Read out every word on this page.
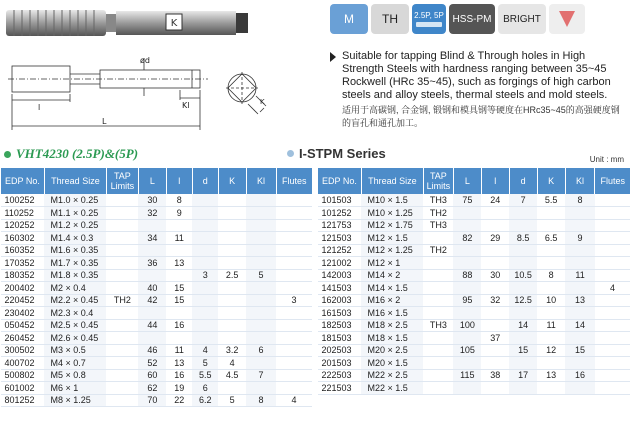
K
ød
l
L
Kl	K
M TH 2.5P, 5P HSS-PM BRIGHT

Suitable for tapping Blind & Through holes in High Strength Steels with hardness ranging between 35~45 Rockwell (HRc 35~45), such as forgings of high carbon steels and alloy steels, thermal steels and mold steels.

适用于高碳钢, 合金钢, 锻钢和模具钢等硬度在HRc35~45的高强硬度钢的盲孔和通孔加工。

VHT4230 (2.5P)&(5P)	I-STPM Series	Unit : mm
EDP No.	Thread Size	TAP Limits	L	l	d	K	Kl	Flutes
100252	M1.0 × 0.25		30	8				
110252	M1.1 × 0.25		32	9				
120252	M1.2 × 0.25							
160302	M1.4 × 0.3		34	11				
160352	M1.6 × 0.35							
170352	M1.7 × 0.35		36	13				
180352	M1.8 × 0.35				3	2.5	5	
200402	M2 × 0.4		40	15				
220452	M2.2 × 0.45	TH2	42	15				3
230402	M2.3 × 0.4							
050452	M2.5 × 0.45		44	16				
260452	M2.6 × 0.45							
300502	M3 × 0.5		46	11	4	3.2	6	
400702	M4 × 0.7		52	13	5	4		
500802	M5 × 0.8		60	16	5.5	4.5	7	
601002	M6 × 1		62	19	6			
801252	M8 × 1.25		70	22	6.2	5	8	4
EDP No.	Thread Size	TAP Limits	L	l	d	K	Kl	Flutes
101503	M10 × 1.5	TH3	75	24	7	5.5	8	
101252	M10 × 1.25	TH2						
121753	M12 × 1.75	TH3						
121503	M12 × 1.5		82	29	8.5	6.5	9	
121252	M12 × 1.25	TH2						
121002	M12 × 1							
142003	M14 × 2		88	30	10.5	8	11	
141503	M14 × 1.5							4
162003	M16 × 2		95	32	12.5	10	13	
161503	M16 × 1.5							
182503	M18 × 2.5	TH3	100		14	11	14	
181503	M18 × 1.5			37				
202503	M20 × 2.5		105		15	12	15	
201503	M20 × 1.5							
222503	M22 × 2.5		115	38	17	13	16	
221503	M22 × 1.5							
